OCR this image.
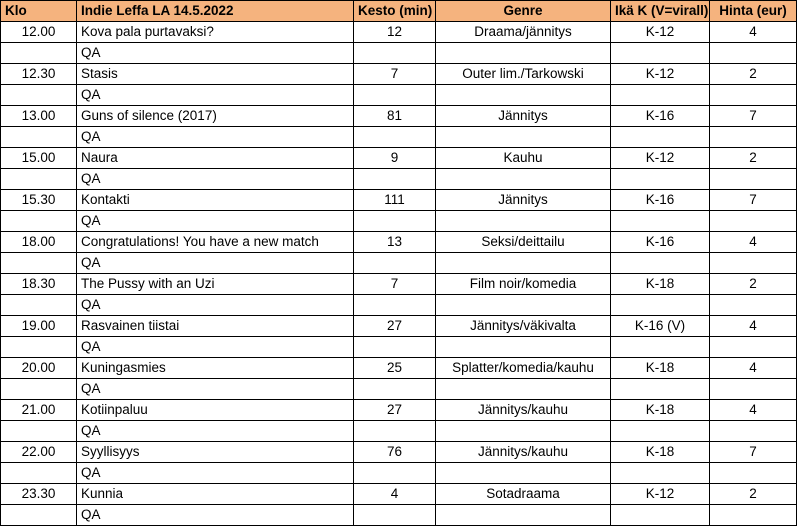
Klo	Indie Leffa LA 14.5.2022	Kesto (min)	Genre	Ikä K (V=virall)	Hinta (eur)
12.00	Kova pala purtavaksi?	12	Draama/jännitys	K-12	4
	QA				
12.30	Stasis	7	Outer lim./Tarkowski	K-12	2
	QA				
13.00	Guns of silence (2017)	81	Jännitys	K-16	7
	QA				
15.00	Naura	9	Kauhu	K-12	2
	QA				
15.30	Kontakti	111	Jännitys	K-16	7
	QA				
18.00	Congratulations! You have a new match	13	Seksi/deittailu	K-16	4
	QA				
18.30	The Pussy with an Uzi	7	Film noir/komedia	K-18	2
	QA				
19.00	Rasvainen tiistai	27	Jännitys/väkivalta	K-16 (V)	4
	QA				
20.00	Kuningasmies	25	Splatter/komedia/kauhu	K-18	4
	QA				
21.00	Kotiinpaluu	27	Jännitys/kauhu	K-18	4
	QA				
22.00	Syyllisyys	76	Jännitys/kauhu	K-18	7
	QA				
23.30	Kunnia	4	Sotadraama	K-12	2
	QA				
